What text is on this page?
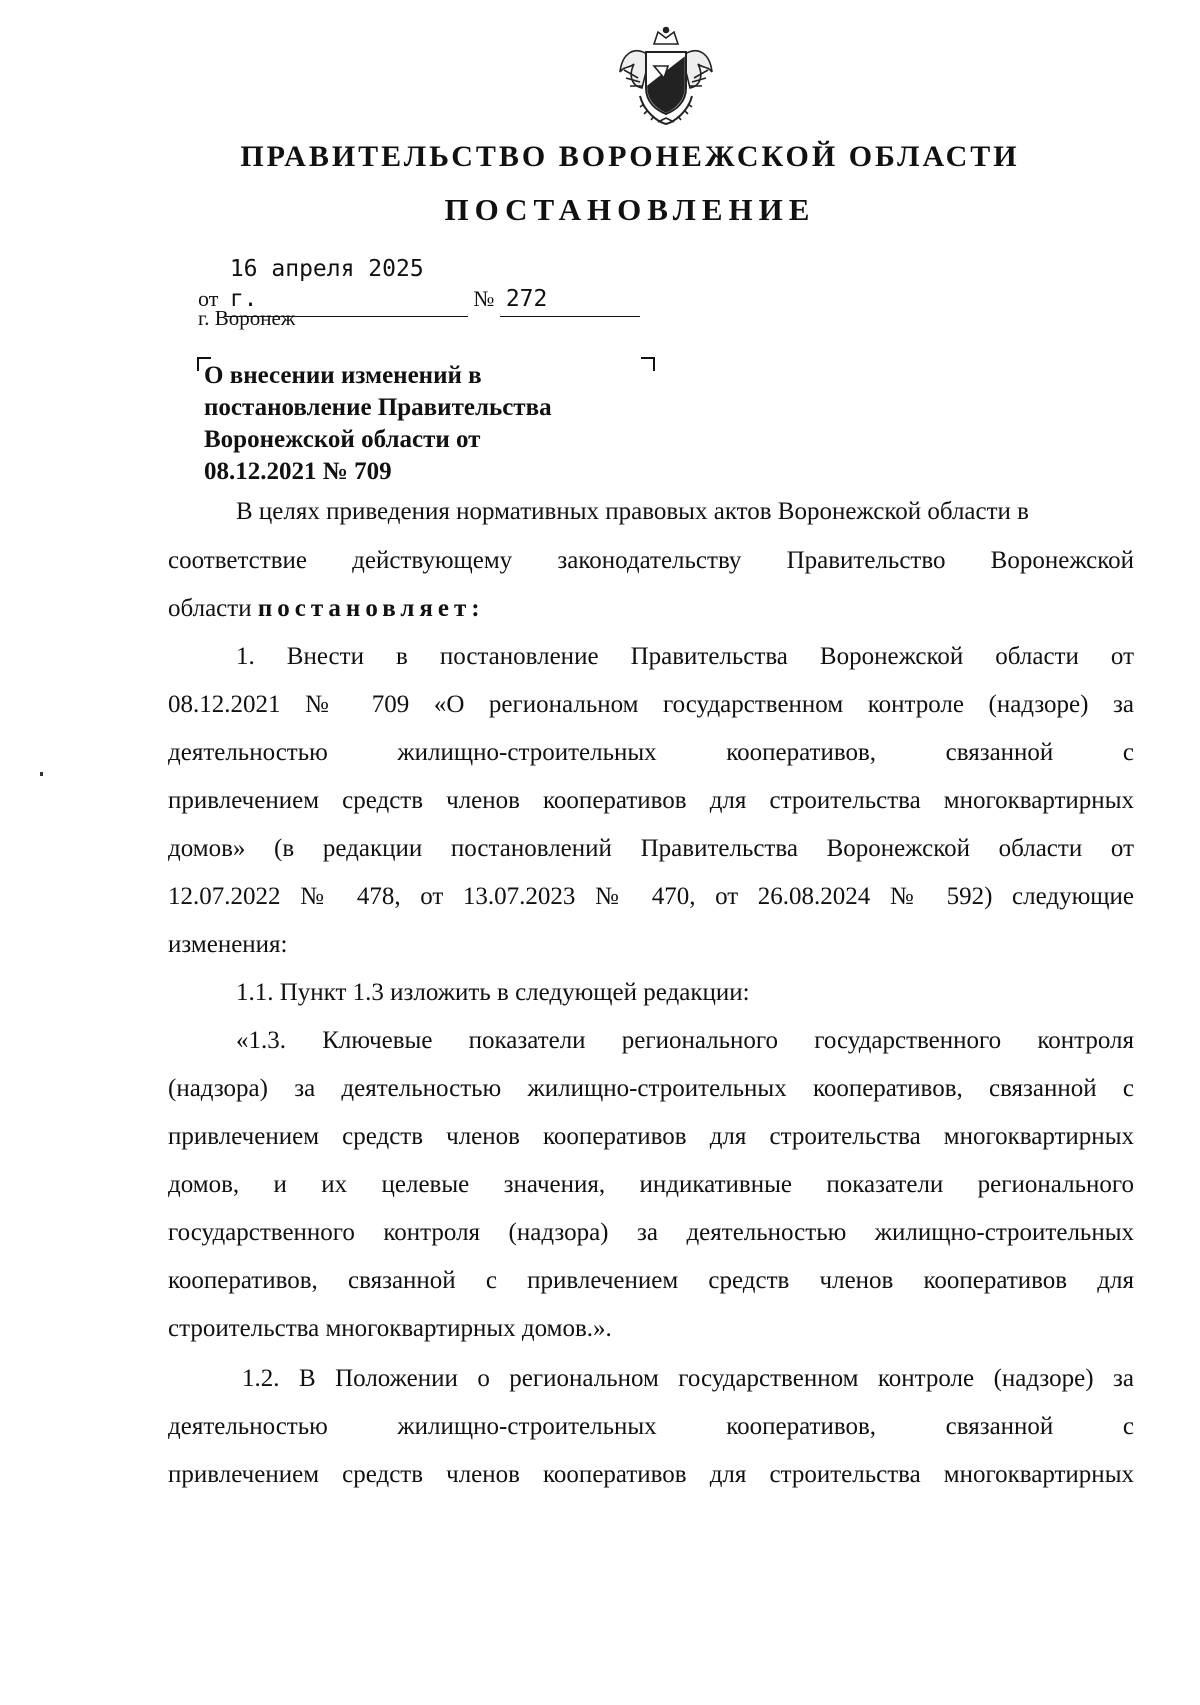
ПРАВИТЕЛЬСТВО ВОРОНЕЖСКОЙ ОБЛАСТИ
ПОСТАНОВЛЕНИЕ
от 16 апреля 2025 г.	№ 272
г. Воронеж
О внесении изменений в
постановление Правительства
Воронежской области от
08.12.2021 № 709
В целях приведения нормативных правовых актов Воронежской области в
соответствие действующему законодательству Правительство Воронежской
области постановляет:
1. Внести в постановление Правительства Воронежской области от
08.12.2021 № 709 «О региональном государственном контроле (надзоре) за
деятельностью жилищно-строительных кооперативов, связанной с
привлечением средств членов кооперативов для строительства многоквартирных
домов» (в редакции постановлений Правительства Воронежской области от
12.07.2022 № 478, от 13.07.2023 № 470, от 26.08.2024 № 592) следующие
изменения:
1.1. Пункт 1.3 изложить в следующей редакции:
«1.3. Ключевые показатели регионального государственного контроля
(надзора) за деятельностью жилищно-строительных кооперативов, связанной с
привлечением средств членов кооперативов для строительства многоквартирных
домов, и их целевые значения, индикативные показатели регионального
государственного контроля (надзора) за деятельностью жилищно-строительных
кооперативов, связанной с привлечением средств членов кооперативов для
строительства многоквартирных домов.».
1.2. В Положении о региональном государственном контроле (надзоре) за
деятельностью жилищно-строительных кооперативов, связанной с
привлечением средств членов кооперативов для строительства многоквартирных
